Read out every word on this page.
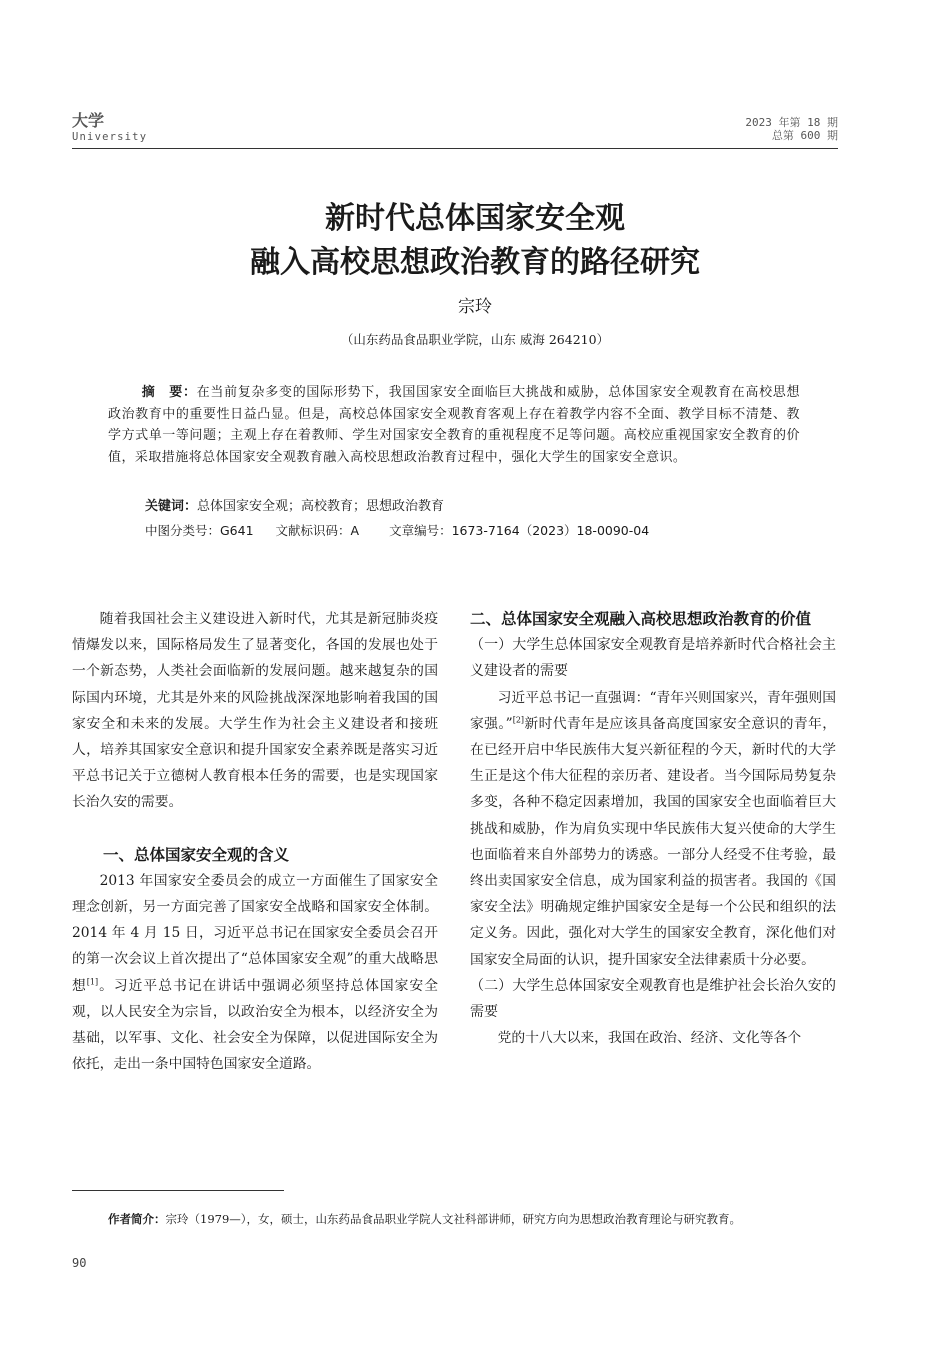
大学
University
2023 年第 18 期
总第 600 期
新时代总体国家安全观
融入高校思想政治教育的路径研究
宗玲
（山东药品食品职业学院，山东 威海 264210）
摘　要：在当前复杂多变的国际形势下，我国国家安全面临巨大挑战和威胁，总体国家安全观教育在高校思想政治教育中的重要性日益凸显。但是，高校总体国家安全观教育客观上存在着教学内容不全面、教学目标不清楚、教学方式单一等问题；主观上存在着教师、学生对国家安全教育的重视程度不足等问题。高校应重视国家安全教育的价值，采取措施将总体国家安全观教育融入高校思想政治教育过程中，强化大学生的国家安全意识。
关键词：总体国家安全观；高校教育；思想政治教育
中图分类号：G641 文献标识码：A 文章编号：1673-7164（2023）18-0090-04

随着我国社会主义建设进入新时代，尤其是新冠肺炎疫情爆发以来，国际格局发生了显著变化，各国的发展也处于一个新态势，人类社会面临新的发展问题。越来越复杂的国际国内环境，尤其是外来的风险挑战深深地影响着我国的国家安全和未来的发展。大学生作为社会主义建设者和接班人，培养其国家安全意识和提升国家安全素养既是落实习近平总书记关于立德树人教育根本任务的需要，也是实现国家长治久安的需要。

一、总体国家安全观的含义

2013 年国家安全委员会的成立一方面催生了国家安全理念创新，另一方面完善了国家安全战略和国家安全体制。2014 年 4 月 15 日，习近平总书记在国家安全委员会召开的第一次会议上首次提出了“总体国家安全观”的重大战略思想[1]。习近平总书记在讲话中强调必须坚持总体国家安全观，以人民安全为宗旨，以政治安全为根本，以经济安全为基础，以军事、文化、社会安全为保障，以促进国际安全为依托，走出一条中国特色国家安全道路。

二、总体国家安全观融入高校思想政治教育的价值
（一）大学生总体国家安全观教育是培养新时代合格社会主义建设者的需要

习近平总书记一直强调：“青年兴则国家兴，青年强则国家强。”[2]新时代青年是应该具备高度国家安全意识的青年，在已经开启中华民族伟大复兴新征程的今天，新时代的大学生正是这个伟大征程的亲历者、建设者。当今国际局势复杂多变，各种不稳定因素增加，我国的国家安全也面临着巨大挑战和威胁，作为肩负实现中华民族伟大复兴使命的大学生也面临着来自外部势力的诱惑。一部分人经受不住考验，最终出卖国家安全信息，成为国家利益的损害者。我国的《国家安全法》明确规定维护国家安全是每一个公民和组织的法定义务。因此，强化对大学生的国家安全教育，深化他们对国家安全局面的认识，提升国家安全法律素质十分必要。

（二）大学生总体国家安全观教育也是维护社会长治久安的需要

党的十八大以来，我国在政治、经济、文化等各个

作者简介：宗玲（1979—），女，硕士，山东药品食品职业学院人文社科部讲师，研究方向为思想政治教育理论与研究教育。
90
